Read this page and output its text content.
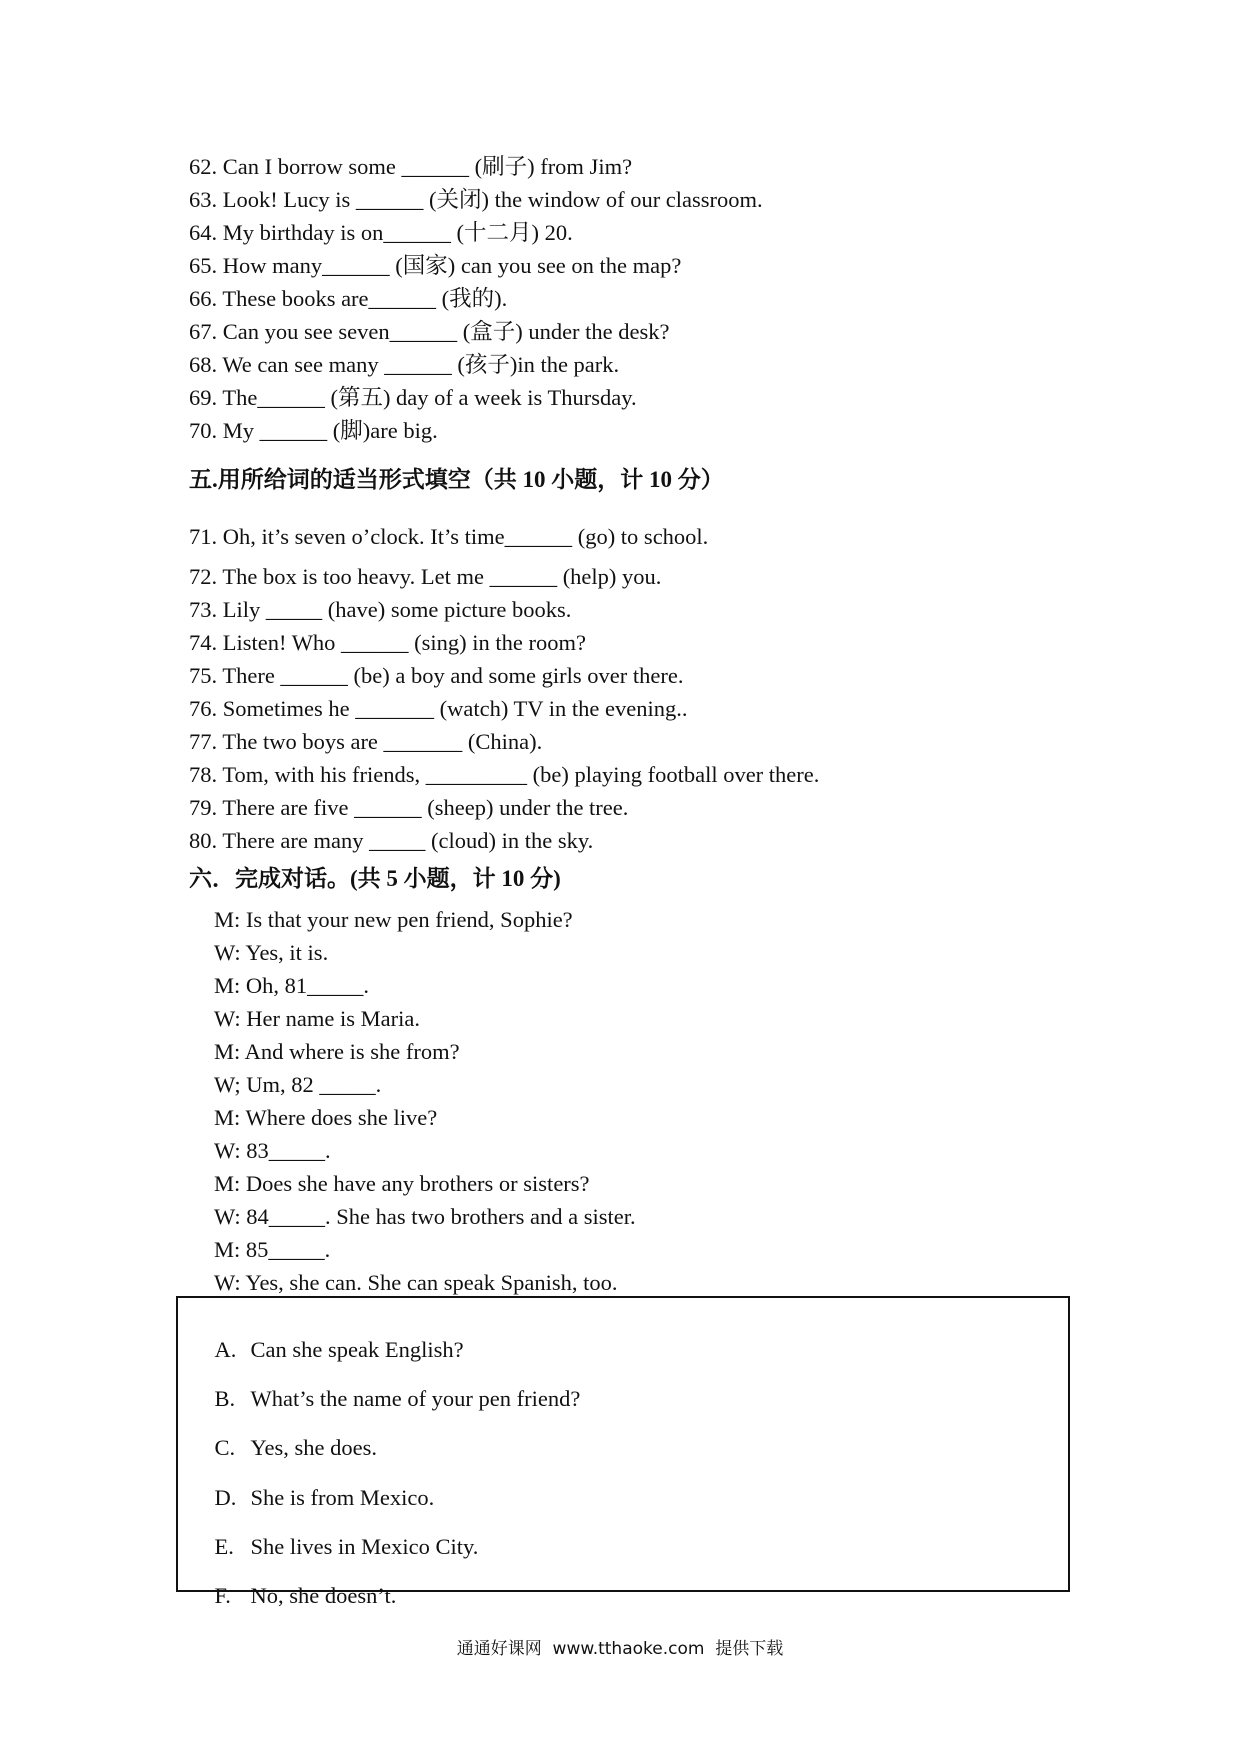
62. Can I borrow some ______ (刷子) from Jim?
63. Look! Lucy is ______ (关闭) the window of our classroom.
64. My birthday is on______ (十二月) 20.
65. How many______ (国家) can you see on the map?
66. These books are______ (我的).
67. Can you see seven______ (盒子) under the desk?
68. We can see many ______ (孩子)in the park.
69. The______ (第五) day of a week is Thursday.
70. My ______ (脚)are big.
五.用所给词的适当形式填空（共 10 小题，计 10 分）
71. Oh, it’s seven o’clock. It’s time______ (go) to school.
72. The box is too heavy. Let me ______ (help) you.
73. Lily _____ (have) some picture books.
74. Listen! Who ______ (sing) in the room?
75. There ______ (be) a boy and some girls over there.
76. Sometimes he _______ (watch) TV in the evening..
77. The two boys are _______ (China).
78. Tom, with his friends, _________ (be) playing football over there.
79. There are five ______ (sheep) under the tree.
80. There are many _____ (cloud) in the sky.
六．完成对话。(共 5 小题，计 10 分)
M: Is that your new pen friend, Sophie?
W: Yes, it is.
M: Oh, 81_____.
W: Her name is Maria.
M: And where is she from?
W; Um, 82 _____.
M: Where does she live?
W: 83_____.
M: Does she have any brothers or sisters?
W: 84_____. She has two brothers and a sister.
M: 85_____.
W: Yes, she can. She can speak Spanish, too.

A. Can she speak English?

B. What’s the name of your pen friend?

C. Yes, she does.

D. She is from Mexico.

E. She lives in Mexico City.

F. No, she doesn’t.

通通好课网  www.tthaoke.com  提供下载
